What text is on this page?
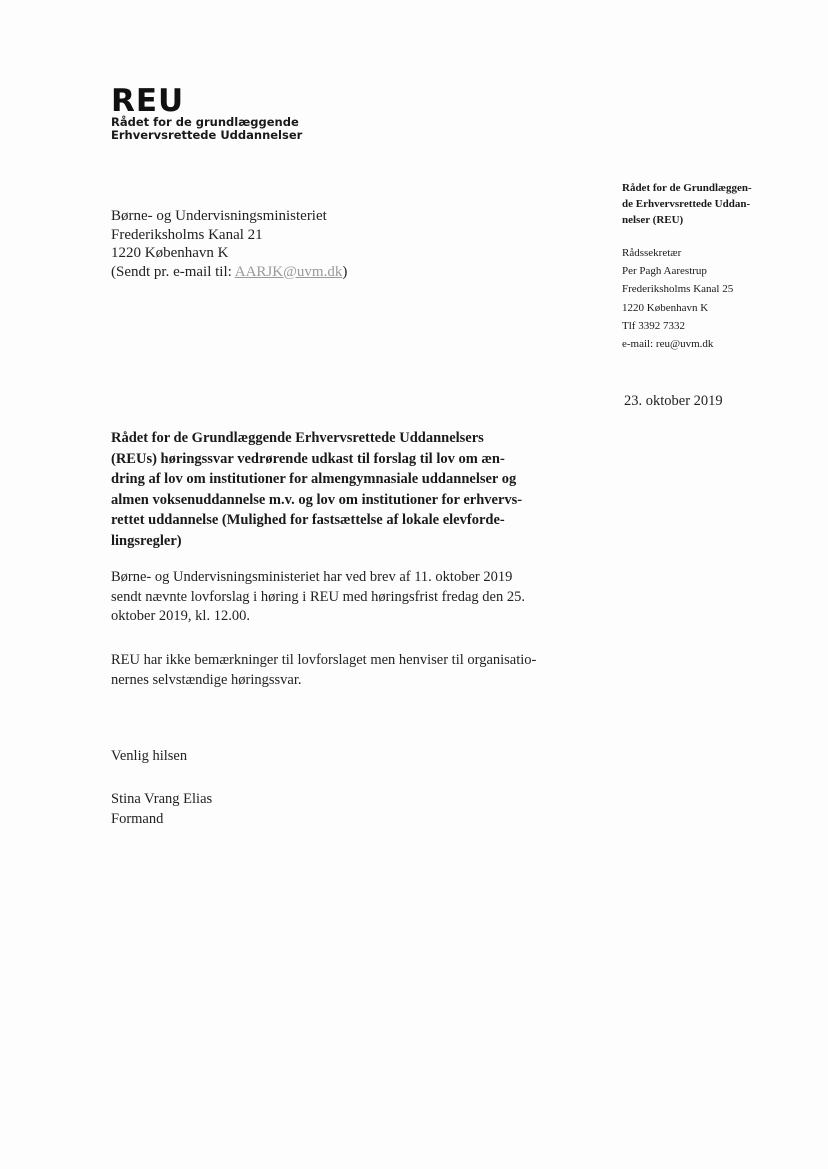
REU
Rådet for de grundlæggende
Erhvervsrettede Uddannelser
Børne- og Undervisningsministeriet
Frederiksholms Kanal 21
1220 København K
(Sendt pr. e-mail til: AARJK@uvm.dk)
Rådet for de Grundlæggen-
de Erhvervsrettede Uddan-
nelser (REU)
Rådssekretær
Per Pagh Aarestrup
Frederiksholms Kanal 25
1220 København K
Tlf 3392 7332
e-mail: reu@uvm.dk
23. oktober 2019
Rådet for de Grundlæggende Erhvervsrettede Uddannelsers
(REUs) høringssvar vedrørende udkast til forslag til lov om æn-
dring af lov om institutioner for almengymnasiale uddannelser og
almen voksenuddannelse m.v. og lov om institutioner for erhvervs-
rettet uddannelse (Mulighed for fastsættelse af lokale elevforde-
lingsregler)
Børne- og Undervisningsministeriet har ved brev af 11. oktober 2019
sendt nævnte lovforslag i høring i REU med høringsfrist fredag den 25.
oktober 2019, kl. 12.00.
REU har ikke bemærkninger til lovforslaget men henviser til organisatio-
nernes selvstændige høringssvar.
Venlig hilsen
Stina Vrang Elias
Formand
